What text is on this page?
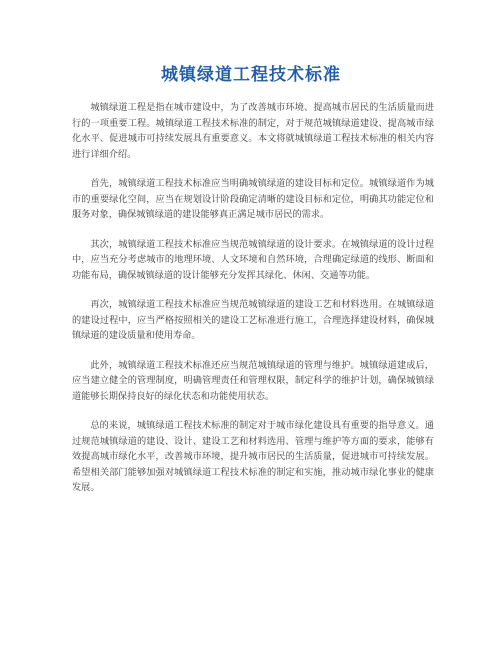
城镇绿道工程技术标准

城镇绿道工程是指在城市建设中，为了改善城市环境、提高城市居民的生活质量而进行的一项重要工程。城镇绿道工程技术标准的制定，对于规范城镇绿道建设、提高城市绿化水平、促进城市可持续发展具有重要意义。本文将就城镇绿道工程技术标准的相关内容进行详细介绍。

首先，城镇绿道工程技术标准应当明确城镇绿道的建设目标和定位。城镇绿道作为城市的重要绿化空间，应当在规划设计阶段确定清晰的建设目标和定位，明确其功能定位和服务对象，确保城镇绿道的建设能够真正满足城市居民的需求。

其次，城镇绿道工程技术标准应当规范城镇绿道的设计要求。在城镇绿道的设计过程中，应当充分考虑城市的地理环境、人文环境和自然环境，合理确定绿道的线形、断面和功能布局，确保城镇绿道的设计能够充分发挥其绿化、休闲、交通等功能。

再次，城镇绿道工程技术标准应当规范城镇绿道的建设工艺和材料选用。在城镇绿道的建设过程中，应当严格按照相关的建设工艺标准进行施工，合理选择建设材料，确保城镇绿道的建设质量和使用寿命。

此外，城镇绿道工程技术标准还应当规范城镇绿道的管理与维护。城镇绿道建成后，应当建立健全的管理制度，明确管理责任和管理权限，制定科学的维护计划，确保城镇绿道能够长期保持良好的绿化状态和功能使用状态。

总的来说，城镇绿道工程技术标准的制定对于城市绿化建设具有重要的指导意义。通过规范城镇绿道的建设、设计、建设工艺和材料选用、管理与维护等方面的要求，能够有效提高城市绿化水平，改善城市环境，提升城市居民的生活质量，促进城市可持续发展。希望相关部门能够加强对城镇绿道工程技术标准的制定和实施，推动城市绿化事业的健康发展。
